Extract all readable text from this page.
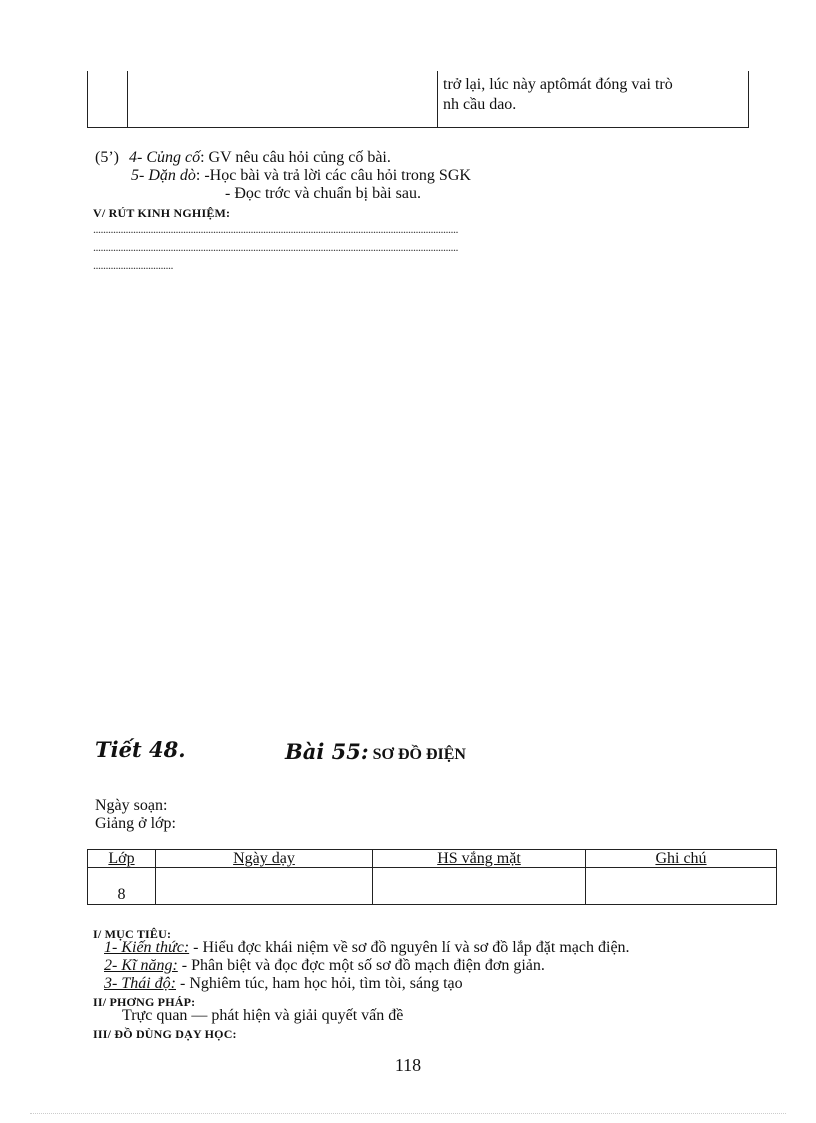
trở lại, lúc này aptômát đóng vai trò
nh cầu dao.
(5’) 4- Củng cố: GV nêu câu hỏi củng cố bài.
5- Dặn dò: -Học bài và trả lời các câu hỏi trong SGK
- Đọc trớc và chuẩn bị bài sau.
V/ RÚT KINH NGHIỆM:
..................................................................................................................................................
..................................................................................................................................................
................................
Tiết 48.	Bài 55: SƠ ĐỒ ĐIỆN
Ngày soạn:
Giảng ở lớp:
Lớp	Ngày dạy	HS vắng mặt	Ghi chú
8			
I/ MỤC TIÊU:
1- Kiến thức: - Hiểu đợc khái niệm về sơ đồ nguyên lí và sơ đồ lắp đặt mạch điện.
2- Kĩ năng: - Phân biệt và đọc đợc một số sơ đồ mạch điện đơn giản.
3- Thái độ: - Nghiêm túc, ham học hỏi, tìm tòi, sáng tạo
II/ PHƠNG PHÁP:
Trực quan — phát hiện và giải quyết vấn đề
III/ ĐỒ DÙNG DẠY HỌC:
118
